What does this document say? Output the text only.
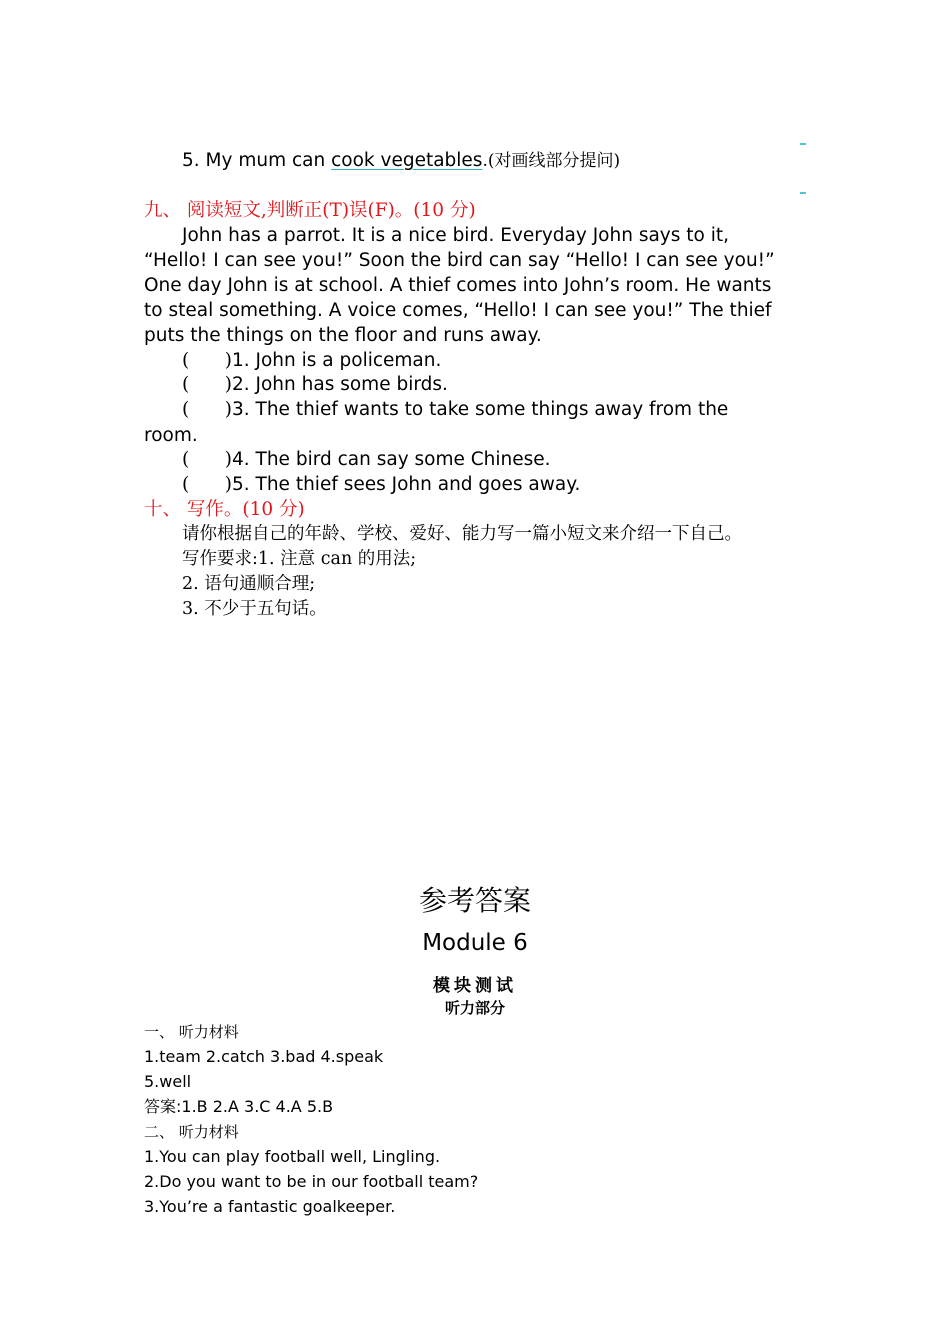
5. My mum can cook vegetables.(对画线部分提问)
九、 阅读短文,判断正(T)误(F)。(10 分)
John has a parrot. It is a nice bird. Everyday John says to it,
“Hello! I can see you!” Soon the bird can say “Hello! I can see you!”
One day John is at school. A thief comes into John’s room. He wants
to steal something. A voice comes, “Hello! I can see you!” The thief
puts the things on the floor and runs away.
( ) 1. John is a policeman.
( ) 2. John has some birds.
( ) 3. The thief wants to take some things away from the
room.
( ) 4. The bird can say some Chinese.
( ) 5. The thief sees John and goes away.
十、 写作。(10 分)
请你根据自己的年龄、学校、爱好、能力写一篇小短文来介绍一下自己。
写作要求:1. 注意 can 的用法;
2. 语句通顺合理;
3. 不少于五句话。
参考答案
Module 6
模块测试
听力部分
一、 听力材料
1.team 2.catch 3.bad 4.speak
5.well
答案:1.B 2.A 3.C 4.A 5.B
二、 听力材料
1.You can play football well, Lingling.
2.Do you want to be in our football team?
3.You’re a fantastic goalkeeper.
